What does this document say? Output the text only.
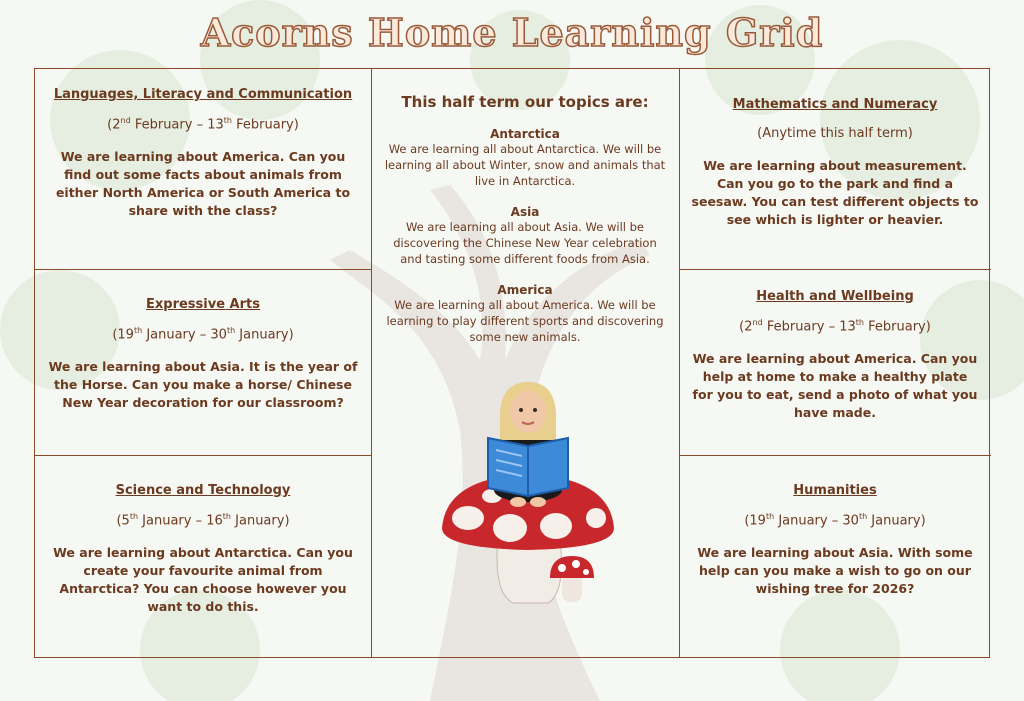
Acorns Home Learning Grid

Languages, Literacy and Communication

(2nd February – 13th February)

We are learning about America. Can you find out some facts about animals from either North America or South America to share with the class?

Expressive Arts

(19th January – 30th January)

We are learning about Asia. It is the year of the Horse. Can you make a horse/ Chinese New Year decoration for our classroom?

Science and Technology

(5th January – 16th January)

We are learning about Antarctica. Can you create your favourite animal from Antarctica? You can choose however you want to do this.

This half term our topics are:

Antarctica

We are learning all about Antarctica. We will be learning all about Winter, snow and animals that live in Antarctica.

Asia

We are learning all about Asia. We will be discovering the Chinese New Year celebration and tasting some different foods from Asia.

America

We are learning all about America. We will be learning to play different sports and discovering some new animals.

Mathematics and Numeracy

(Anytime this half term)

We are learning about measurement. Can you go to the park and find a seesaw. You can test different objects to see which is lighter or heavier.

Health and Wellbeing

(2nd February – 13th February)

We are learning about America. Can you help at home to make a healthy plate for you to eat, send a photo of what you have made.

Humanities

(19th January – 30th January)

We are learning about Asia. With some help can you make a wish to go on our wishing tree for 2026?
